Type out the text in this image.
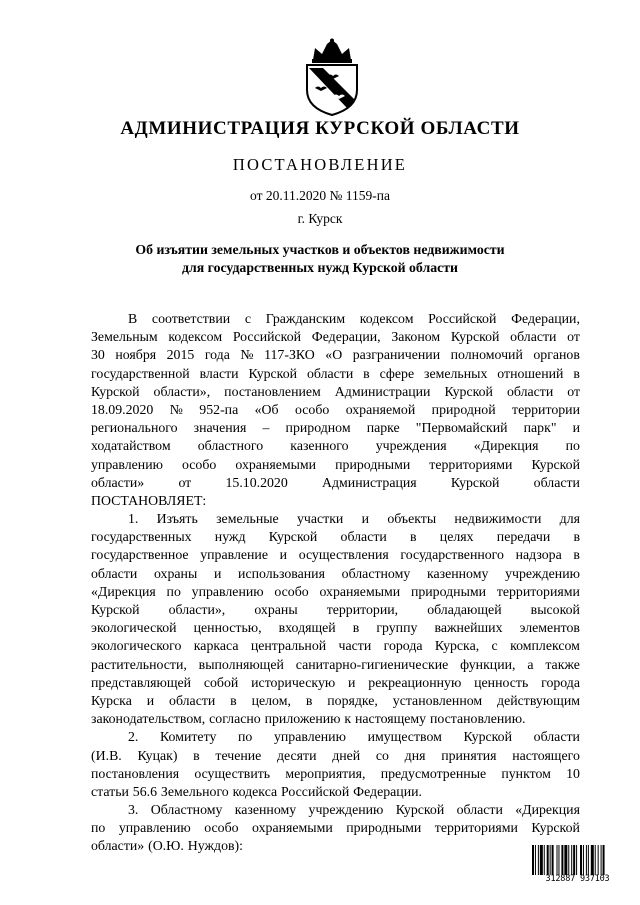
АДМИНИСТРАЦИЯ КУРСКОЙ ОБЛАСТИ
ПОСТАНОВЛЕНИЕ
от 20.11.2020 № 1159-па
г. Курск
Об изъятии земельных участков и объектов недвижимости
для государственных нужд Курской области
В соответствии с Гражданским кодексом Российской Федерации,
Земельным кодексом Российской Федерации, Законом Курской области от
30 ноября 2015 года № 117-ЗКО «О разграничении полномочий органов
государственной власти Курской области в сфере земельных отношений в
Курской области», постановлением Администрации Курской области от
18.09.2020 № 952-па «Об особо охраняемой природной территории
регионального значения – природном парке "Первомайский парк" и
ходатайством областного казенного учреждения «Дирекция по
управлению особо охраняемыми природными территориями Курской
области» от 15.10.2020 Администрация Курской области
ПОСТАНОВЛЯЕТ:
1. Изъять земельные участки и объекты недвижимости для
государственных нужд Курской области в целях передачи в
государственное управление и осуществления государственного надзора в
области охраны и использования областному казенному учреждению
«Дирекция по управлению особо охраняемыми природными территориями
Курской области», охраны территории, обладающей высокой
экологической ценностью, входящей в группу важнейших элементов
экологического каркаса центральной части города Курска, с комплексом
растительности, выполняющей санитарно-гигиенические функции, а также
представляющей собой историческую и рекреационную ценность города
Курска и области в целом, в порядке, установленном действующим
законодательством, согласно приложению к настоящему постановлению.
2. Комитету по управлению имуществом Курской области
(И.В. Куцак) в течение десяти дней со дня принятия настоящего
постановления осуществить мероприятия, предусмотренные пунктом 10
статьи 56.6 Земельного кодекса Российской Федерации.
3. Областному казенному учреждению Курской области «Дирекция
по управлению особо охраняемыми природными территориями Курской
области» (О.Ю. Нуждов):
312887 937103
